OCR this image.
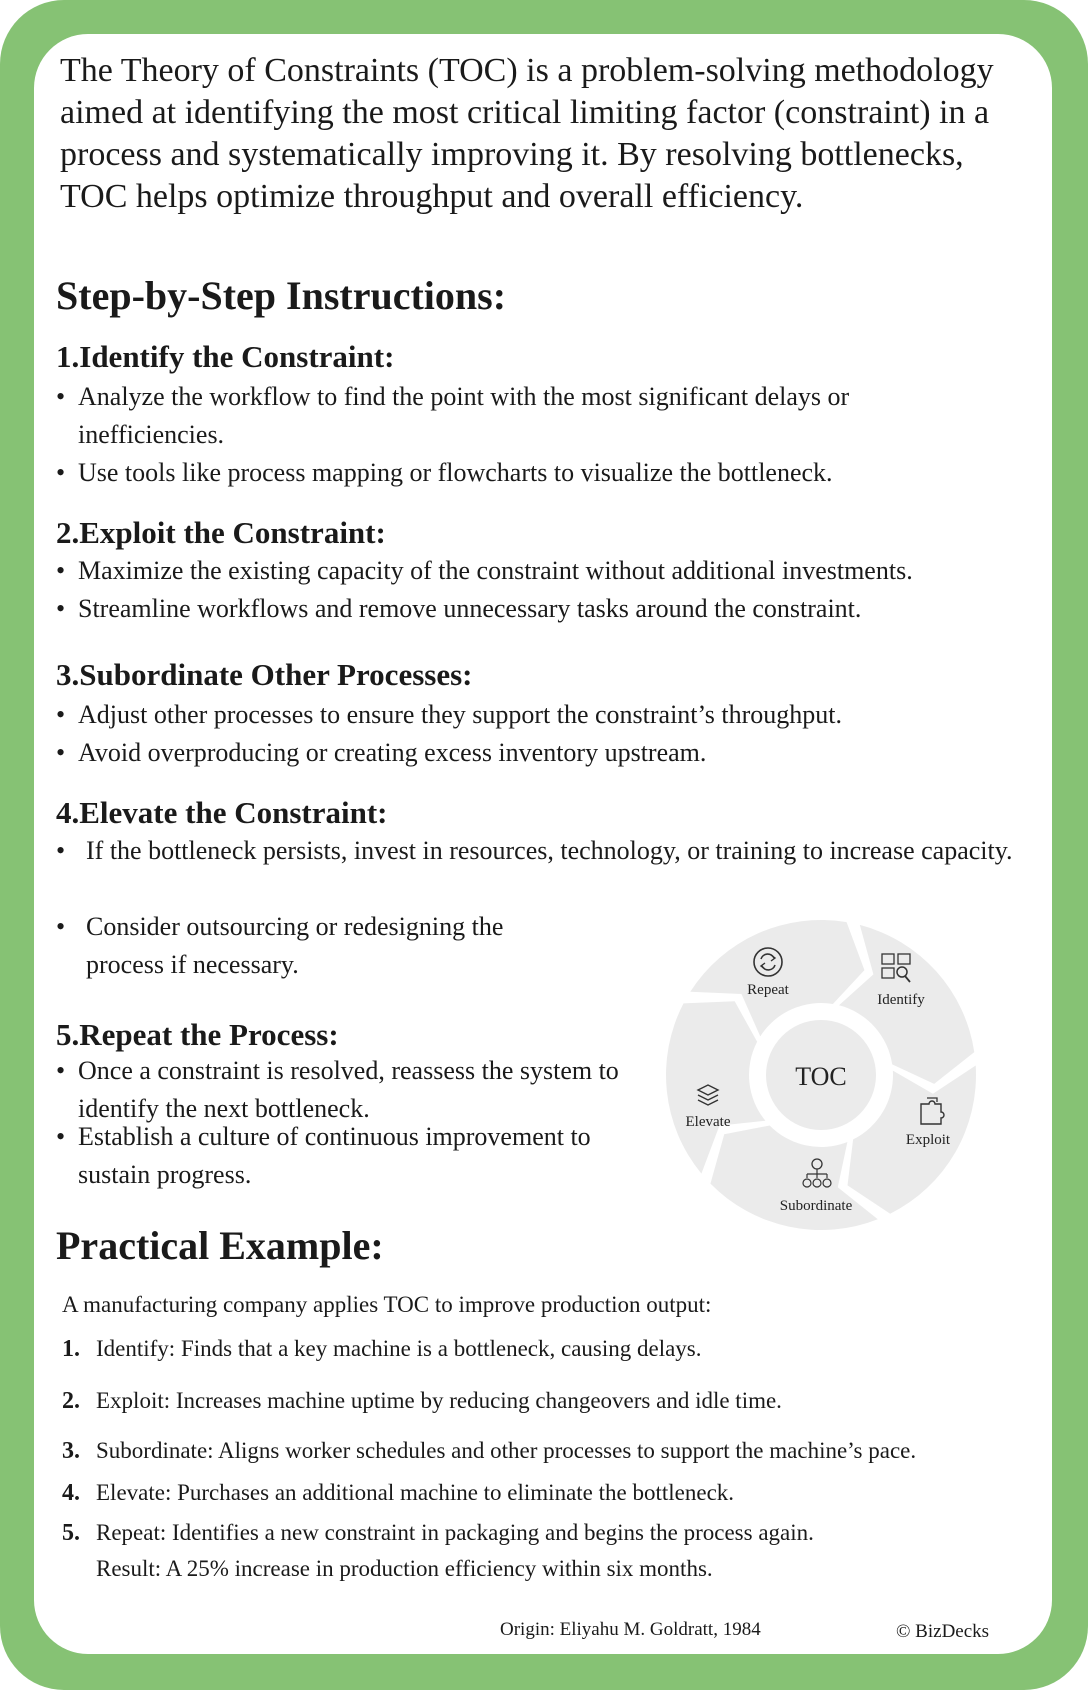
The Theory of Constraints (TOC) is a problem-solving methodology aimed at identifying the most critical limiting factor (constraint) in a process and systematically improving it. By resolving bottlenecks, TOC helps optimize throughput and overall efficiency.
Step-by-Step Instructions:
1.Identify the Constraint:
• Analyze the workflow to find the point with the most significant delays or inefficiencies.
• Use tools like process mapping or flowcharts to visualize the bottleneck.
2.Exploit the Constraint:
• Maximize the existing capacity of the constraint without additional investments.
• Streamline workflows and remove unnecessary tasks around the constraint.
3.Subordinate Other Processes:
• Adjust other processes to ensure they support the constraint’s throughput.
• Avoid overproducing or creating excess inventory upstream.
4.Elevate the Constraint:
• If the bottleneck persists, invest in resources, technology, or training to increase capacity.
• Consider outsourcing or redesigning the process if necessary.
5.Repeat the Process:
• Once a constraint is resolved, reassess the system to identify the next bottleneck.
• Establish a culture of continuous improvement to sustain progress.
TOC
Repeat
Identify
Exploit
Subordinate
Elevate
Practical Example:
A manufacturing company applies TOC to improve production output:
1. Identify: Finds that a key machine is a bottleneck, causing delays.
2. Exploit: Increases machine uptime by reducing changeovers and idle time.
3. Subordinate: Aligns worker schedules and other processes to support the machine’s pace.
4. Elevate: Purchases an additional machine to eliminate the bottleneck.
5. Repeat: Identifies a new constraint in packaging and begins the process again.
Result: A 25% increase in production efficiency within six months.
Origin: Eliyahu M. Goldratt, 1984	© BizDecks
